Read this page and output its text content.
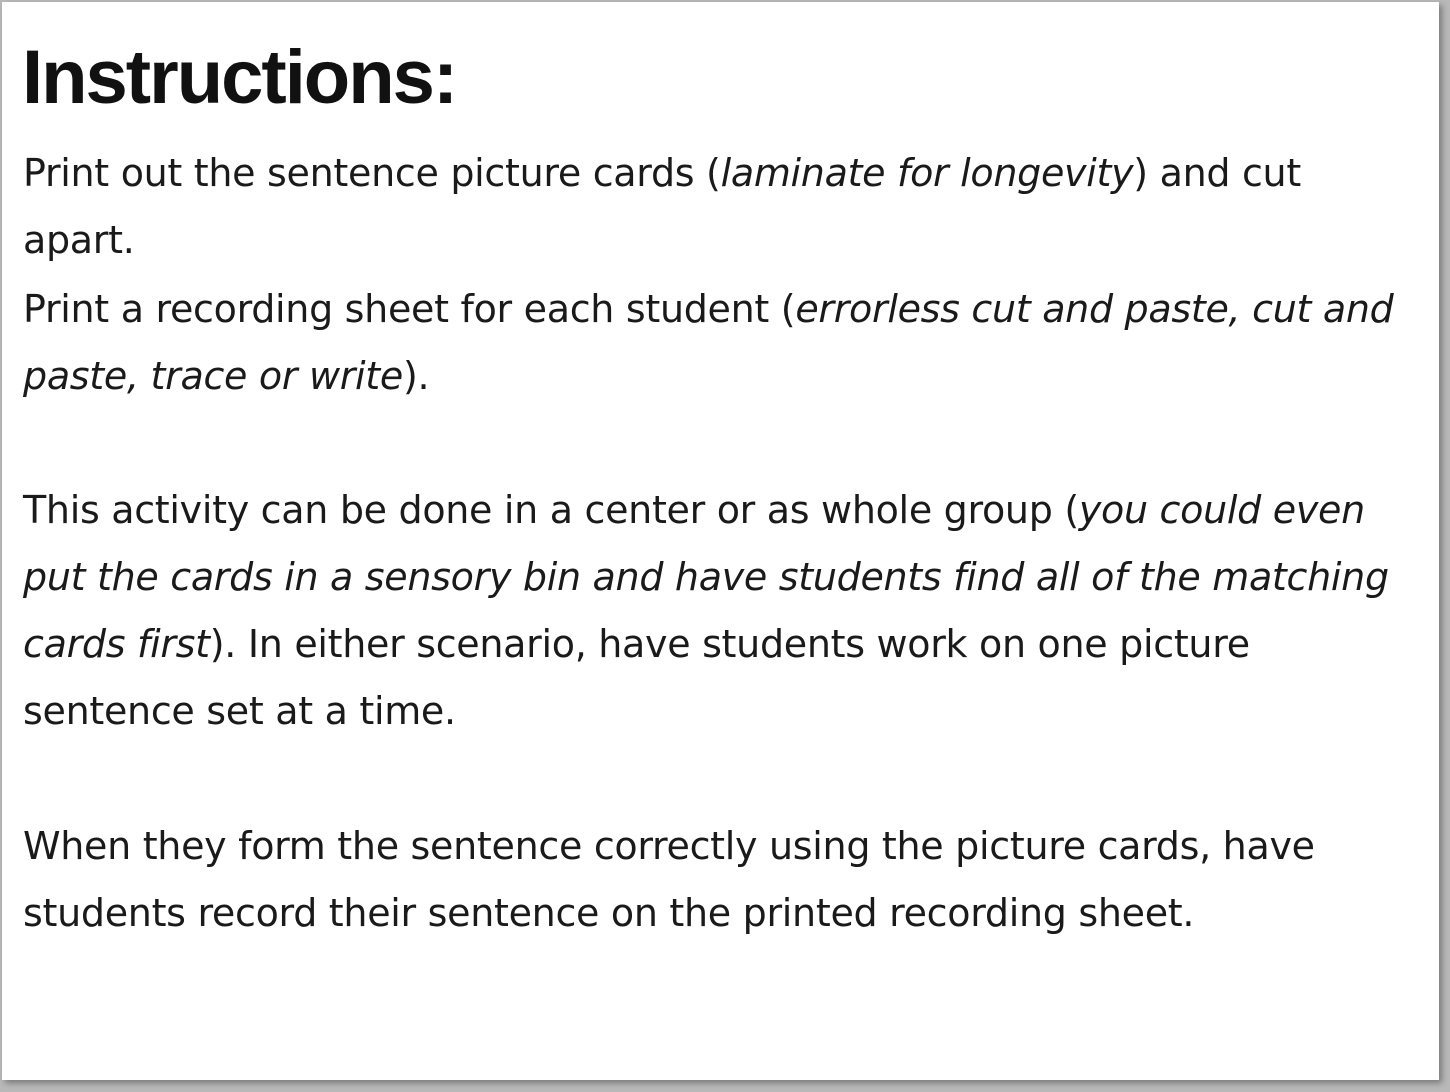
Instructions:

Print out the sentence picture cards (laminate for longevity) and cut apart.

Print a recording sheet for each student (errorless cut and paste, cut and paste, trace or write).

This activity can be done in a center or as whole group (you could even put the cards in a sensory bin and have students find all of the matching cards first). In either scenario, have students work on one picture sentence set at a time.

When they form the sentence correctly using the picture cards, have students record their sentence on the printed recording sheet.
